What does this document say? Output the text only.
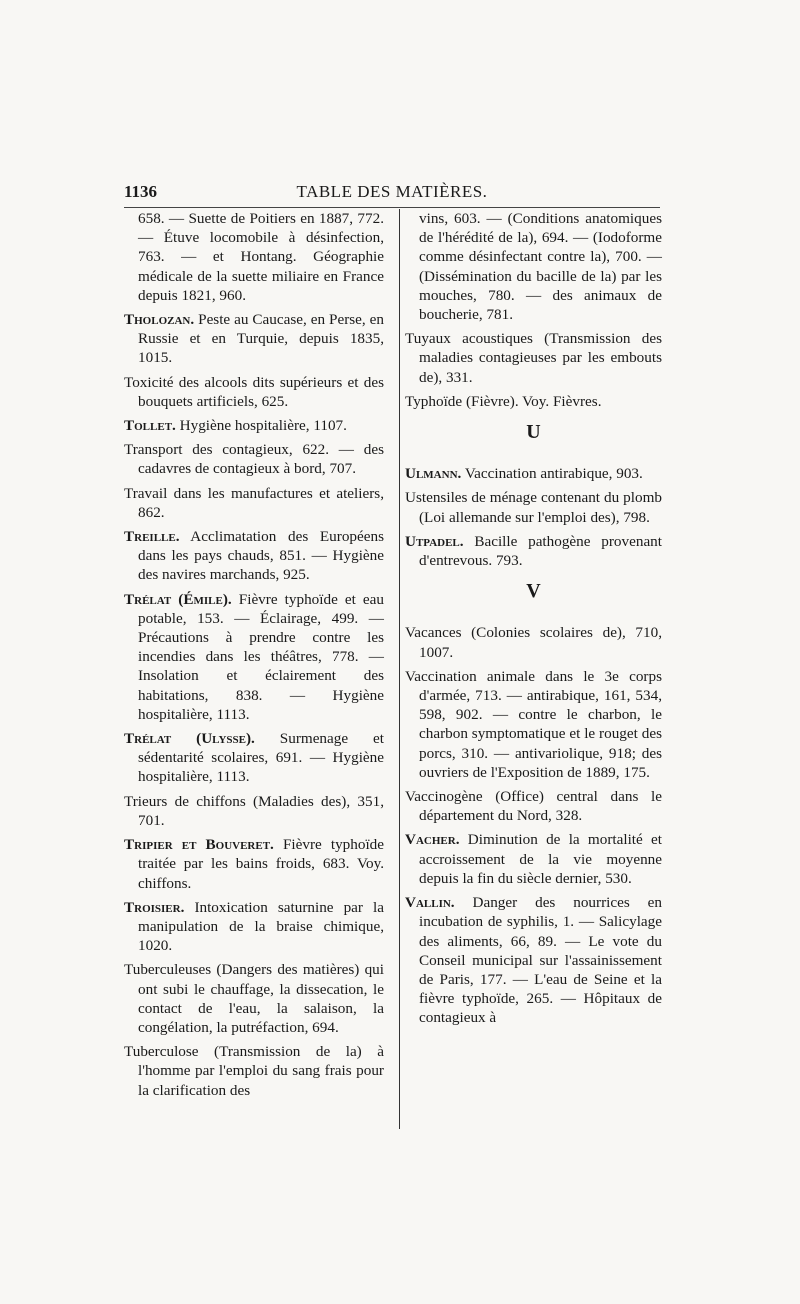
1136	TABLE DES MATIÈRES.
658. — Suette de Poitiers en 1887, 772. — Étuve locomobile à désinfection, 763. — et Hontang. Géographie médicale de la suette miliaire en France depuis 1821, 960.
Tholozan. Peste au Caucase, en Perse, en Russie et en Turquie, depuis 1835, 1015.
Toxicité des alcools dits supérieurs et des bouquets artificiels, 625.
Tollet. Hygiène hospitalière, 1107.
Transport des contagieux, 622. — des cadavres de contagieux à bord, 707.
Travail dans les manufactures et ateliers, 862.
Treille. Acclimatation des Européens dans les pays chauds, 851. — Hygiène des navires marchands, 925.
Trélat (Émile). Fièvre typhoïde et eau potable, 153. — Éclairage, 499. — Précautions à prendre contre les incendies dans les théâtres, 778. — Insolation et éclairement des habitations, 838. — Hygiène hospitalière, 1113.
Trélat (Ulysse). Surmenage et sédentarité scolaires, 691. — Hygiène hospitalière, 1113.
Trieurs de chiffons (Maladies des), 351, 701.
Tripier et Bouveret. Fièvre typhoïde traitée par les bains froids, 683. Voy. chiffons.
Troisier. Intoxication saturnine par la manipulation de la braise chimique, 1020.
Tuberculeuses (Dangers des matières) qui ont subi le chauffage, la dissecation, le contact de l'eau, la salaison, la congélation, la putréfaction, 694.
Tuberculose (Transmission de la) à l'homme par l'emploi du sang frais pour la clarification des
vins, 603. — (Conditions anatomiques de l'hérédité de la), 694. — (Iodoforme comme désinfectant contre la), 700. — (Dissémination du bacille de la) par les mouches, 780. — des animaux de boucherie, 781.
Tuyaux acoustiques (Transmission des maladies contagieuses par les embouts de), 331.
Typhoïde (Fièvre). Voy. Fièvres.
U
Ulmann. Vaccination antirabique, 903.
Ustensiles de ménage contenant du plomb (Loi allemande sur l'emploi des), 798.
Utpadel. Bacille pathogène provenant d'entrevous. 793.
V
Vacances (Colonies scolaires de), 710, 1007.
Vaccination animale dans le 3e corps d'armée, 713. — antirabique, 161, 534, 598, 902. — contre le charbon, le charbon symptomatique et le rouget des porcs, 310. — antivariolique, 918; des ouvriers de l'Exposition de 1889, 175.
Vaccinogène (Office) central dans le département du Nord, 328.
Vacher. Diminution de la mortalité et accroissement de la vie moyenne depuis la fin du siècle dernier, 530.
Vallin. Danger des nourrices en incubation de syphilis, 1. — Salicylage des aliments, 66, 89. — Le vote du Conseil municipal sur l'assainissement de Paris, 177. — L'eau de Seine et la fièvre typhoïde, 265. — Hôpitaux de contagieux à
